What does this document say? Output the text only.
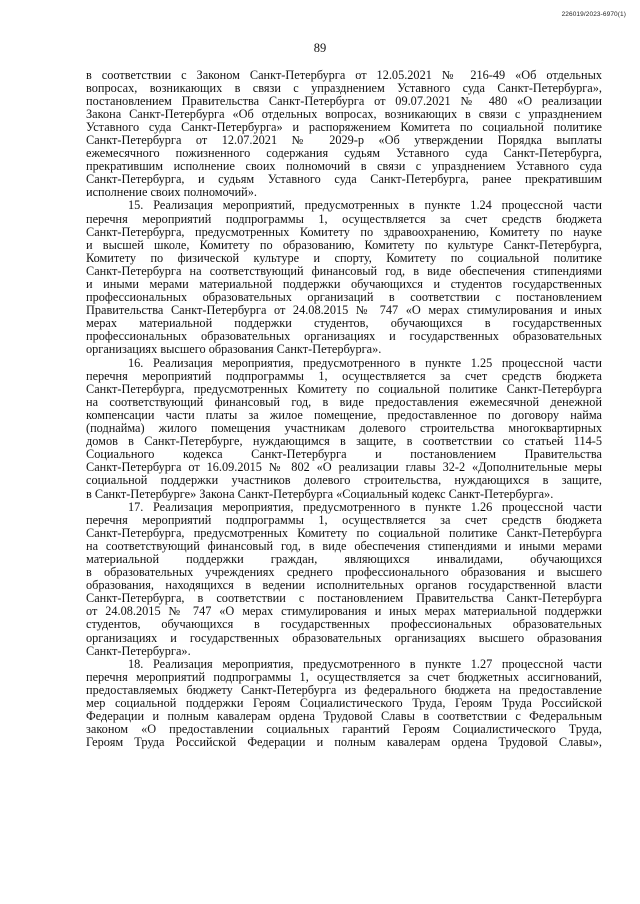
226019/2023-6970(1)
89
в соответствии с Законом Санкт-Петербурга от 12.05.2021 № 216-49 «Об отдельных
вопросах, возникающих в связи с упразднением Уставного суда Санкт-Петербурга»,
постановлением Правительства Санкт-Петербурга от 09.07.2021 № 480 «О реализации
Закона Санкт-Петербурга «Об отдельных вопросах, возникающих в связи с упразднением
Уставного суда Санкт-Петербурга» и распоряжением Комитета по социальной политике
Санкт-Петербурга от 12.07.2021 № 2029-р «Об утверждении Порядка выплаты
ежемесячного пожизненного содержания судьям Уставного суда Санкт-Петербурга,
прекратившим исполнение своих полномочий в связи с упразднением Уставного суда
Санкт-Петербурга, и судьям Уставного суда Санкт-Петербурга, ранее прекратившим
исполнение своих полномочий».
15. Реализация мероприятий, предусмотренных в пункте 1.24 процессной части
перечня мероприятий подпрограммы 1, осуществляется за счет средств бюджета
Санкт-Петербурга, предусмотренных Комитету по здравоохранению, Комитету по науке
и высшей школе, Комитету по образованию, Комитету по культуре Санкт-Петербурга,
Комитету по физической культуре и спорту, Комитету по социальной политике
Санкт-Петербурга на соответствующий финансовый год, в виде обеспечения стипендиями
и иными мерами материальной поддержки обучающихся и студентов государственных
профессиональных образовательных организаций в соответствии с постановлением
Правительства Санкт-Петербурга от 24.08.2015 № 747 «О мерах стимулирования и иных
мерах материальной поддержки студентов, обучающихся в государственных
профессиональных образовательных организациях и государственных образовательных
организациях высшего образования Санкт-Петербурга».
16. Реализация мероприятия, предусмотренного в пункте 1.25 процессной части
перечня мероприятий подпрограммы 1, осуществляется за счет средств бюджета
Санкт-Петербурга, предусмотренных Комитету по социальной политике Санкт-Петербурга
на соответствующий финансовый год, в виде предоставления ежемесячной денежной
компенсации части платы за жилое помещение, предоставленное по договору найма
(поднайма) жилого помещения участникам долевого строительства многоквартирных
домов в Санкт-Петербурге, нуждающимся в защите, в соответствии со статьей 114-5
Социального кодекса Санкт-Петербурга и постановлением Правительства
Санкт-Петербурга от 16.09.2015 № 802 «О реализации главы 32-2 «Дополнительные меры
социальной поддержки участников долевого строительства, нуждающихся в защите,
в Санкт-Петербурге» Закона Санкт-Петербурга «Социальный кодекс Санкт-Петербурга».
17. Реализация мероприятия, предусмотренного в пункте 1.26 процессной части
перечня мероприятий подпрограммы 1, осуществляется за счет средств бюджета
Санкт-Петербурга, предусмотренных Комитету по социальной политике Санкт-Петербурга
на соответствующий финансовый год, в виде обеспечения стипендиями и иными мерами
материальной поддержки граждан, являющихся инвалидами, обучающихся
в образовательных учреждениях среднего профессионального образования и высшего
образования, находящихся в ведении исполнительных органов государственной власти
Санкт-Петербурга, в соответствии с постановлением Правительства Санкт-Петербурга
от 24.08.2015 № 747 «О мерах стимулирования и иных мерах материальной поддержки
студентов, обучающихся в государственных профессиональных образовательных
организациях и государственных образовательных организациях высшего образования
Санкт-Петербурга».
18. Реализация мероприятия, предусмотренного в пункте 1.27 процессной части
перечня мероприятий подпрограммы 1, осуществляется за счет бюджетных ассигнований,
предоставляемых бюджету Санкт-Петербурга из федерального бюджета на предоставление
мер социальной поддержки Героям Социалистического Труда, Героям Труда Российской
Федерации и полным кавалерам ордена Трудовой Славы в соответствии с Федеральным
законом «О предоставлении социальных гарантий Героям Социалистического Труда,
Героям Труда Российской Федерации и полным кавалерам ордена Трудовой Славы»,
